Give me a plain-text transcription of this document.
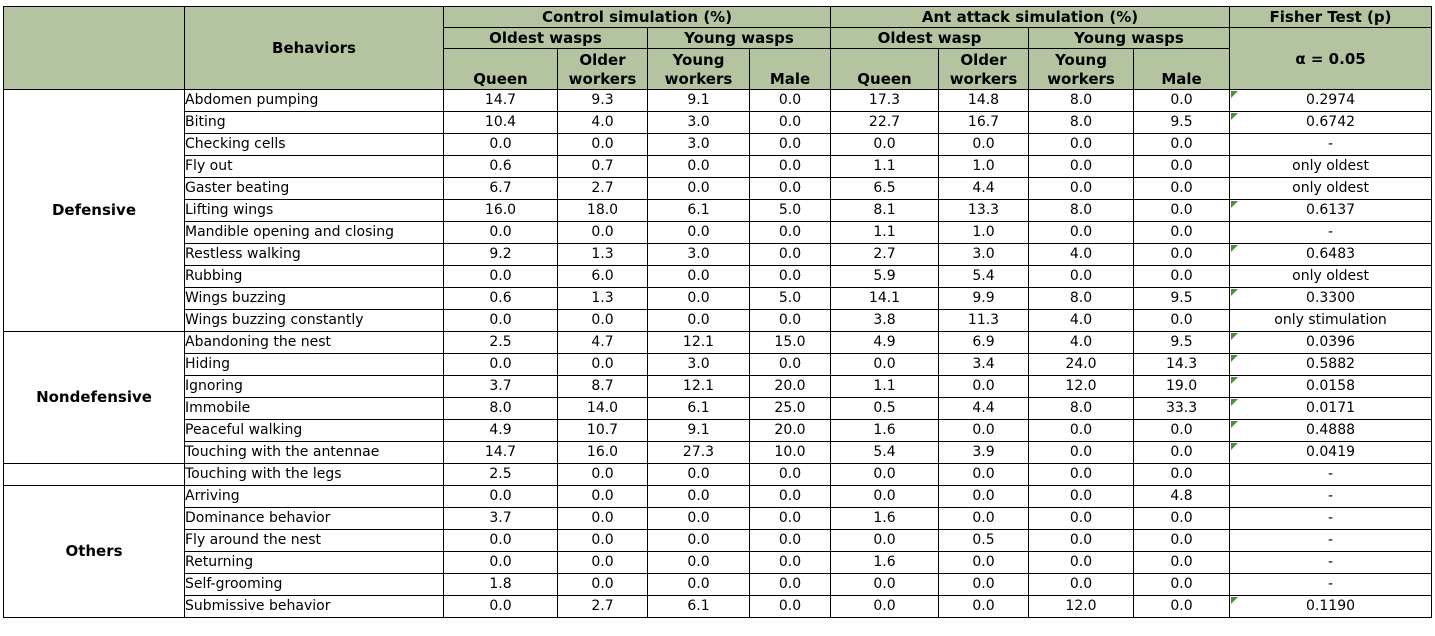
	Behaviors	Control simulation (%)				Ant attack simulation (%)				Fisher Test (p)
		Oldest wasps		Young wasps		Oldest wasp		Young wasps		α = 0.05
		Queen	Older workers	Young workers	Male	Queen	Older workers	Young workers	Male	
Defensive	Abdomen pumping	14.7	9.3	9.1	0.0	17.3	14.8	8.0	0.0	0.2974
	Biting	10.4	4.0	3.0	0.0	22.7	16.7	8.0	9.5	0.6742
	Checking cells	0.0	0.0	3.0	0.0	0.0	0.0	0.0	0.0	-
	Fly out	0.6	0.7	0.0	0.0	1.1	1.0	0.0	0.0	only oldest
	Gaster beating	6.7	2.7	0.0	0.0	6.5	4.4	0.0	0.0	only oldest
	Lifting wings	16.0	18.0	6.1	5.0	8.1	13.3	8.0	0.0	0.6137
	Mandible opening and closing	0.0	0.0	0.0	0.0	1.1	1.0	0.0	0.0	-
	Restless walking	9.2	1.3	3.0	0.0	2.7	3.0	4.0	0.0	0.6483
	Rubbing	0.0	6.0	0.0	0.0	5.9	5.4	0.0	0.0	only oldest
	Wings buzzing	0.6	1.3	0.0	5.0	14.1	9.9	8.0	9.5	0.3300
	Wings buzzing constantly	0.0	0.0	0.0	0.0	3.8	11.3	4.0	0.0	only stimulation
Nondefensive	Abandoning the nest	2.5	4.7	12.1	15.0	4.9	6.9	4.0	9.5	0.0396
	Hiding	0.0	0.0	3.0	0.0	0.0	3.4	24.0	14.3	0.5882
	Ignoring	3.7	8.7	12.1	20.0	1.1	0.0	12.0	19.0	0.0158
	Immobile	8.0	14.0	6.1	25.0	0.5	4.4	8.0	33.3	0.0171
	Peaceful walking	4.9	10.7	9.1	20.0	1.6	0.0	0.0	0.0	0.4888
	Touching with the antennae	14.7	16.0	27.3	10.0	5.4	3.9	0.0	0.0	0.0419
	Touching with the legs	2.5	0.0	0.0	0.0	0.0	0.0	0.0	0.0	-
Others	Arriving	0.0	0.0	0.0	0.0	0.0	0.0	0.0	4.8	-
	Dominance behavior	3.7	0.0	0.0	0.0	1.6	0.0	0.0	0.0	-
	Fly around the nest	0.0	0.0	0.0	0.0	0.0	0.5	0.0	0.0	-
	Returning	0.0	0.0	0.0	0.0	1.6	0.0	0.0	0.0	-
	Self-grooming	1.8	0.0	0.0	0.0	0.0	0.0	0.0	0.0	-
	Submissive behavior	0.0	2.7	6.1	0.0	0.0	0.0	12.0	0.0	0.1190
